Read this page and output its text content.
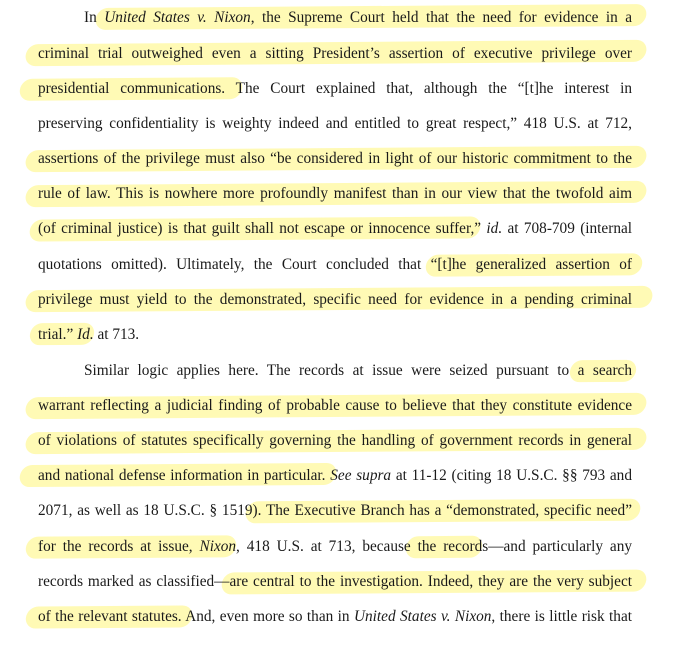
In United States v. Nixon, the Supreme Court held that the need for evidence in a
criminal trial outweighed even a sitting President’s assertion of executive privilege over
presidential communications. The Court explained that, although the “[t]he interest in
preserving confidentiality is weighty indeed and entitled to great respect,” 418 U.S. at 712,
assertions of the privilege must also “be considered in light of our historic commitment to the
rule of law. This is nowhere more profoundly manifest than in our view that the twofold aim
(of criminal justice) is that guilt shall not escape or innocence suffer,” id. at 708-709 (internal
quotations omitted). Ultimately, the Court concluded that “[t]he generalized assertion of
privilege must yield to the demonstrated, specific need for evidence in a pending criminal
trial.” Id. at 713.
Similar logic applies here. The records at issue were seized pursuant to a search
warrant reflecting a judicial finding of probable cause to believe that they constitute evidence
of violations of statutes specifically governing the handling of government records in general
and national defense information in particular. See supra at 11-12 (citing 18 U.S.C. §§ 793 and
2071, as well as 18 U.S.C. § 1519). The Executive Branch has a “demonstrated, specific need”
for the records at issue, Nixon, 418 U.S. at 713, because the records—and particularly any
records marked as classified—are central to the investigation. Indeed, they are the very subject
of the relevant statutes. And, even more so than in United States v. Nixon, there is little risk that
